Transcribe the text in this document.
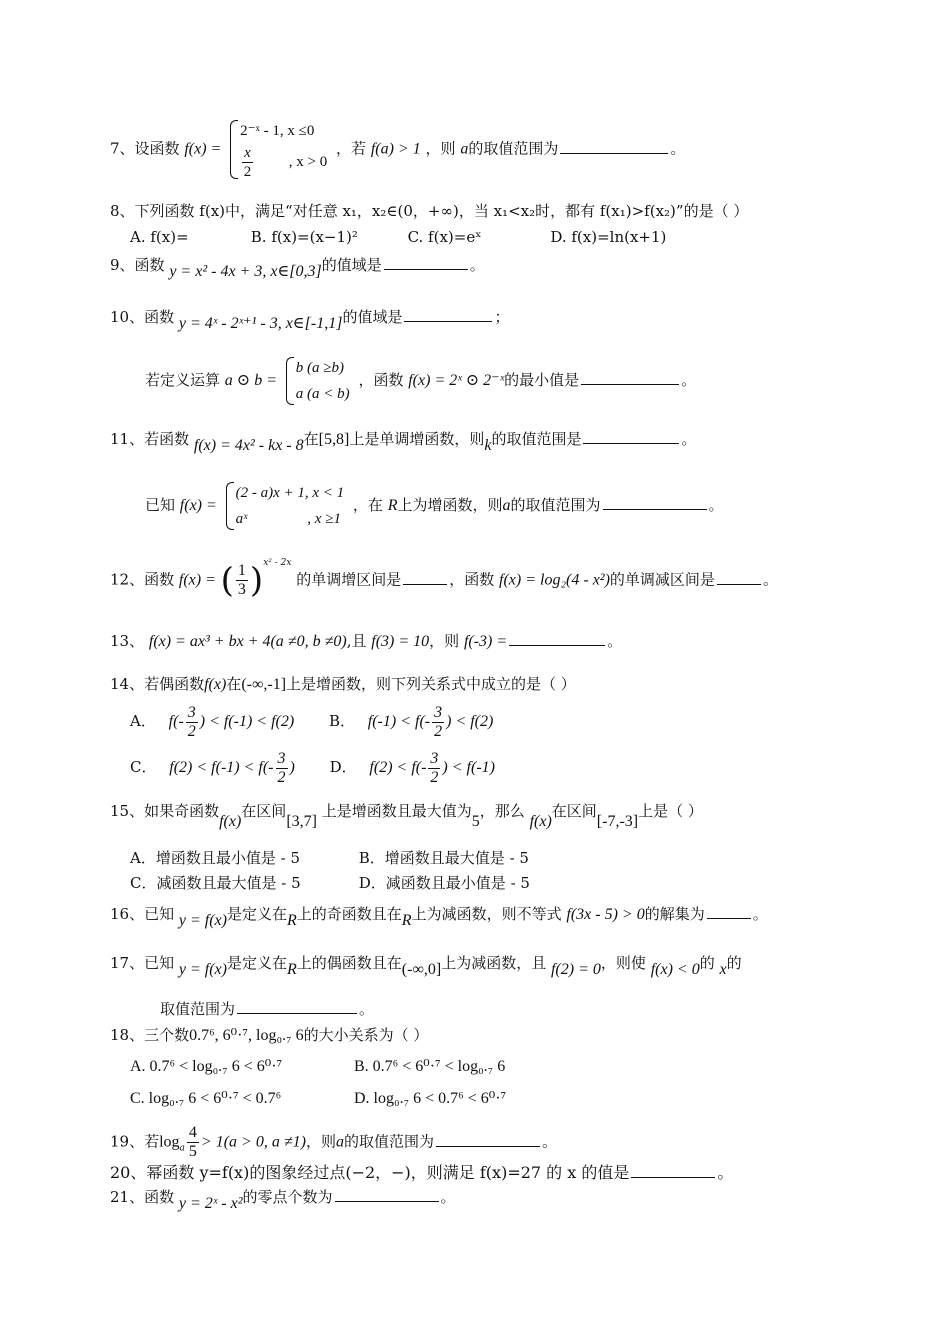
7、设函数 f(x) =
2⁻ˣ - 1, x ≤0
$\frac{x}{2}$ , x > 0
，若 f(a) > 1 ，则 a的取值范围为	。
8、下列函数 f(x)中，满足“对任意 x₁，x₂∈(0，+∞)，当 x₁<x₂时，都有 f(x₁)>f(x₂)”的是（ ）
A. f(x)=	B. f(x)=(x−1)²	C. f(x)=eˣ	D. f(x)=ln(x+1)
9、函数 y = x² - 4x + 3, x∈[0,3]的值域是	。
10、函数 y = 4ˣ - 2ˣ⁺¹ - 3, x∈[-1,1]的值域是	；
若定义运算 a ⊙ b =
b (a ≥b)
a (a < b)
，函数 f(x) = 2ˣ ⊙ 2⁻ˣ的最小值是	。
11、若函数 f(x) = 4x² - kx - 8在[5,8]上是单调增函数，则k的取值范围是	。
已知 f(x) =
(2 - a)x + 1, x < 1
aˣ                , x ≥1
，在 R上为增函数，则a的取值范围为	。
12、函数 f(x) = ( $\frac{1}{3} )^{x^2 - 2x}$ 的单调增区间是	，函数 f(x) = log₂(4 - x²)的单调减区间是	。
13、 f(x) = ax³ + bx + 4(a ≠0, b ≠0),且 f(3) = 10，则 f(-3) =	。
14、若偶函数f(x)在(-∞,-1]上是增函数，则下列关系式中成立的是（ ）
A． $f(- \frac{3}{2}$ ) < f(-1) < f(2) B． $f(-1) < f(- \frac{3}{2}$ ) < f(2)
C． $f(2) < f(-1) < f(- \frac{3}{2}$ ) D． $f(2) < f(- \frac{3}{2}$ ) < f(-1)
15、如果奇函数f(x)在区间[3,7] 上是增函数且最大值为5，那么 f(x)在区间[-7,-3]上是（ ）
A．增函数且最小值是 - 5	B．增函数且最大值是 - 5
C．减函数且最大值是 - 5	D．减函数且最小值是 - 5
16、已知 y = f(x)是定义在R上的奇函数且在R上为减函数，则不等式 f(3x - 5) > 0的解集为	。
17、已知 y = f(x)是定义在R上的偶函数且在(-∞,0]上为减函数，且 f(2) = 0，则使 f(x) < 0的 x的
取值范围为	。
18、三个数0.7⁶, 6⁰·⁷, log₀.₇ 6的大小关系为（ ）
A. 0.7⁶ < log₀.₇ 6 < 6⁰·⁷	B. 0.7⁶ < 6⁰·⁷ < log₀.₇ 6
C. log₀.₇ 6 < 6⁰·⁷ < 0.7⁶	D. log₀.₇ 6 < 0.7⁶ < 6⁰·⁷
19、若$\log_a \frac{4}{5} > 1(a > 0$, a ≠1)，则a的取值范围为	。
20、幂函数 y=f(x)的图象经过点(−2，−)，则满足 f(x)=27 的 x 的值是	。
21、函数 y = 2ˣ - x²的零点个数为	。
